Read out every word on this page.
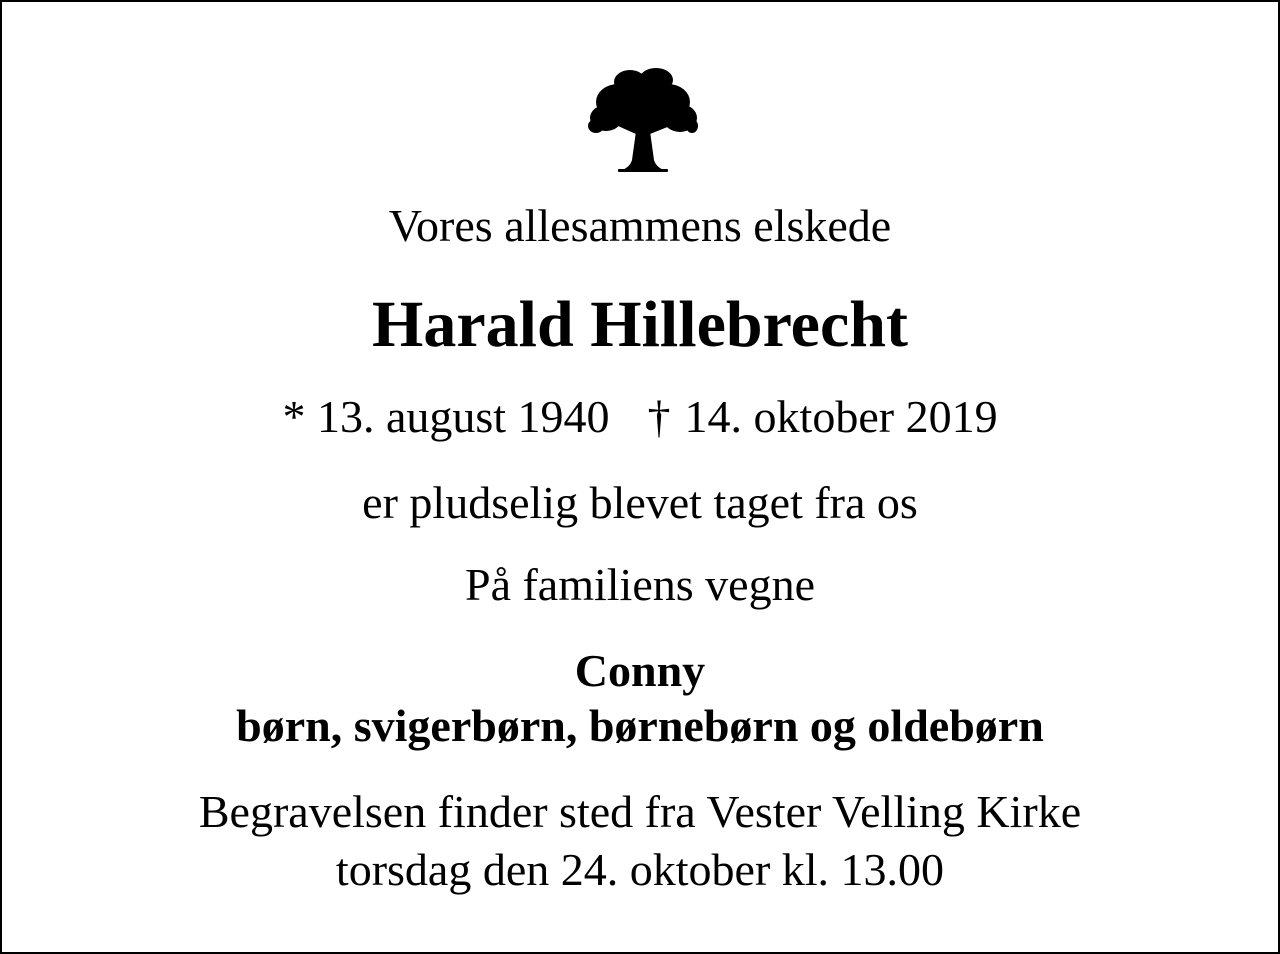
Vores allesammens elskede
Harald Hillebrecht
* 13. august 1940 † 14. oktober 2019
er pludselig blevet taget fra os
På familiens vegne
Conny
børn, svigerbørn, børnebørn og oldebørn
Begravelsen finder sted fra Vester Velling Kirke
torsdag den 24. oktober kl. 13.00
